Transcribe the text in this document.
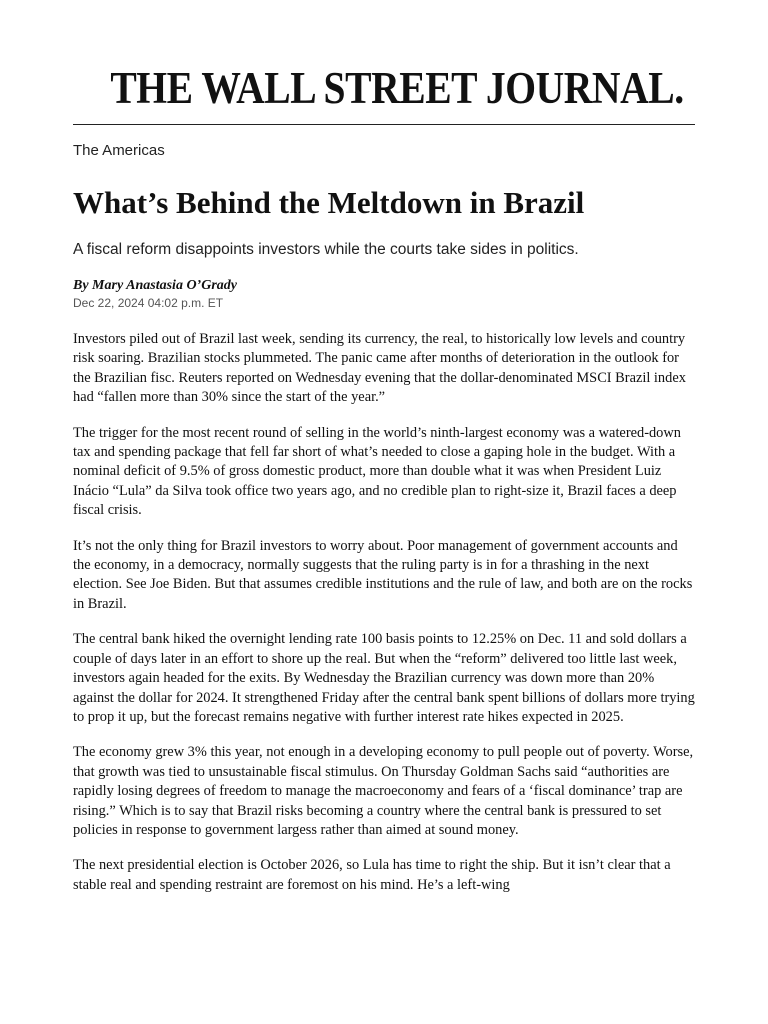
THE WALL STREET JOURNAL.
The Americas
What’s Behind the Meltdown in Brazil
A fiscal reform disappoints investors while the courts take sides in politics.
By Mary Anastasia O’Grady
Dec 22, 2024 04:02 p.m. ET

Investors piled out of Brazil last week, sending its currency, the real, to historically low levels and country risk soaring. Brazilian stocks plummeted. The panic came after months of deterioration in the outlook for the Brazilian fisc. Reuters reported on Wednesday evening that the dollar-denominated MSCI Brazil index had “fallen more than 30% since the start of the year.”

The trigger for the most recent round of selling in the world’s ninth-largest economy was a watered-down tax and spending package that fell far short of what’s needed to close a gaping hole in the budget. With a nominal deficit of 9.5% of gross domestic product, more than double what it was when President Luiz Inácio “Lula” da Silva took office two years ago, and no credible plan to right-size it, Brazil faces a deep fiscal crisis.

It’s not the only thing for Brazil investors to worry about. Poor management of government accounts and the economy, in a democracy, normally suggests that the ruling party is in for a thrashing in the next election. See Joe Biden. But that assumes credible institutions and the rule of law, and both are on the rocks in Brazil.

The central bank hiked the overnight lending rate 100 basis points to 12.25% on Dec. 11 and sold dollars a couple of days later in an effort to shore up the real. But when the “reform” delivered too little last week, investors again headed for the exits. By Wednesday the Brazilian currency was down more than 20% against the dollar for 2024. It strengthened Friday after the central bank spent billions of dollars more trying to prop it up, but the forecast remains negative with further interest rate hikes expected in 2025.

The economy grew 3% this year, not enough in a developing economy to pull people out of poverty. Worse, that growth was tied to unsustainable fiscal stimulus. On Thursday Goldman Sachs said “authorities are rapidly losing degrees of freedom to manage the macroeconomy and fears of a ‘fiscal dominance’ trap are rising.” Which is to say that Brazil risks becoming a country where the central bank is pressured to set policies in response to government largess rather than aimed at sound money.

The next presidential election is October 2026, so Lula has time to right the ship. But it isn’t clear that a stable real and spending restraint are foremost on his mind. He’s a left-wing
